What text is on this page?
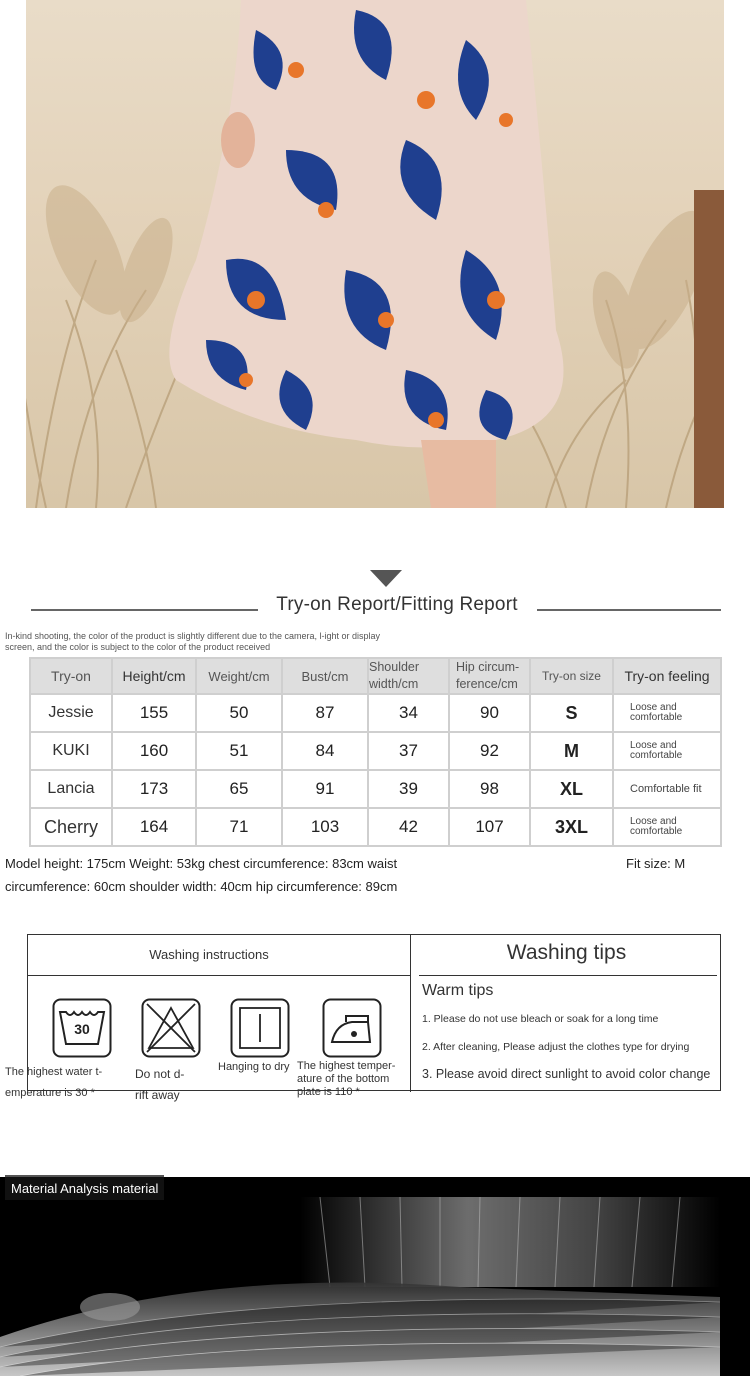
Try-on Report/Fitting Report
In-kind shooting, the color of the product is slightly different due to the camera, l-ight or display screen, and the color is subject to the color of the product received
Try-on	Height/cm	Weight/cm	Bust/cm	Shoulder width/cm	Hip circum-ference/cm	Try-on size	Try-on feeling
Jessie	155	50	87	34	90	S	Loose and comfortable
KUKI	160	51	84	37	92	M	Loose and comfortable
Lancia	173	65	91	39	98	XL	Comfortable fit
Cherry	164	71	103	42	107	3XL	Loose and comfortable
Model height: 175cm Weight: 53kg chest circumference: 83cm waist
circumference: 60cm shoulder width: 40cm hip circumference: 89cm
Fit size: M
Washing instructions	Washing tips
Warm tips
1. Please do not use bleach or soak for a long time
2. After cleaning, Please adjust the clothes type for drying
3. Please avoid direct sunlight to avoid color change
30
The highest water t-
emperature is 30 *
Do not d-
rift away
Hanging to dry The highest temper-
ature of the bottom
plate is 110 *
Material Analysis material
